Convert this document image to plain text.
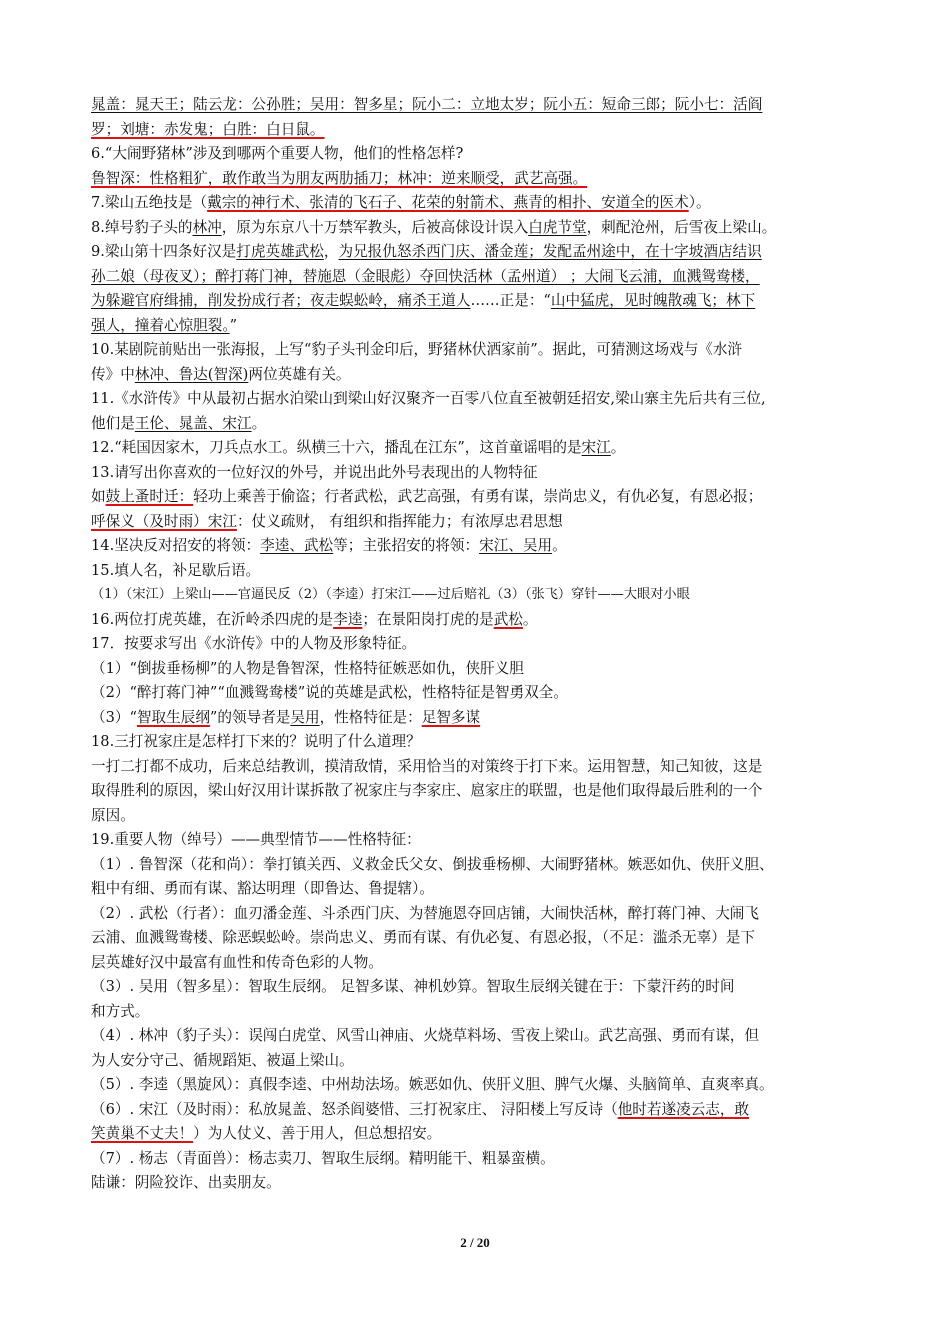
晁盖：晁天王；陆云龙：公孙胜；吴用：智多星；阮小二：立地太岁；阮小五：短命三郎；阮小七：活阎
罗；刘塘：赤发鬼；白胜：白日鼠。
6.“大闹野猪林”涉及到哪两个重要人物，他们的性格怎样?
鲁智深：性格粗犷，敢作敢当为朋友两肋插刀；林冲：逆来顺受，武艺高强。
7.梁山五绝技是（戴宗的神行术、张清的飞石子、花荣的射箭术、燕青的相扑、安道全的医术）。
8.绰号豹子头的林冲，原为东京八十万禁军教头，后被高俅设计误入白虎节堂，刺配沧州，后雪夜上梁山。
9.梁山第十四条好汉是打虎英雄武松，为兄报仇怒杀西门庆、潘金莲；发配孟州途中，在十字坡酒店结识
孙二娘（母夜叉）；醉打蒋门神，替施恩（金眼彪）夺回快活林（孟州道） ；大闹飞云浦，血溅鸳鸯楼，
为躲避官府缉捕，削发扮成行者；夜走蜈蚣岭，痛杀王道人……正是：“山中猛虎，见时魄散魂飞；林下
强人，撞着心惊胆裂。”
10.某剧院前贴出一张海报，上写“豹子头刊金印后，野猪林伏洒家前”。据此，可猜测这场戏与《水浒
传》中林冲、鲁达(智深)两位英雄有关。
11.《水浒传》中从最初占据水泊梁山到梁山好汉聚齐一百零八位直至被朝廷招安,梁山寨主先后共有三位,
他们是王伦、晁盖、宋江。
12.“耗国因家木，刀兵点水工。纵横三十六，播乱在江东”，这首童谣唱的是宋江。
13.请写出你喜欢的一位好汉的外号，并说出此外号表现出的人物特征
如鼓上蚤时迁：轻功上乘善于偷盗；行者武松，武艺高强，有勇有谋，崇尚忠义，有仇必复，有恩必报；
呼保义（及时雨）宋江：仗义疏财， 有组织和指挥能力；有浓厚忠君思想
14.坚决反对招安的将领：李逵、武松等；主张招安的将领：宋江、吴用。
15.填人名，补足歇后语。
（1）（宋江）上梁山——官逼民反（2）（李逵）打宋江——过后赔礼（3）（张飞）穿针——大眼对小眼
16.两位打虎英雄，在沂岭杀四虎的是李逵；在景阳岗打虎的是武松。
17．按要求写出《水浒传》中的人物及形象特征。
（1）“倒拔垂杨柳”的人物是鲁智深，性格特征嫉恶如仇，侠肝义胆
（2）“醉打蒋门神”“血溅鸳鸯楼”说的英雄是武松，性格特征是智勇双全。
（3）“智取生辰纲”的领导者是吴用，性格特征是：足智多谋
18.三打祝家庄是怎样打下来的？说明了什么道理？
一打二打都不成功，后来总结教训，摸清敌情，采用恰当的对策终于打下来。运用智慧，知己知彼，这是
取得胜利的原因，梁山好汉用计谋拆散了祝家庄与李家庄、扈家庄的联盟，也是他们取得最后胜利的一个
原因。
19.重要人物（绰号）——典型情节——性格特征：
（1）. 鲁智深（花和尚）：拳打镇关西、义救金氏父女、倒拔垂杨柳、大闹野猪林。嫉恶如仇、侠肝义胆、
粗中有细、勇而有谋、豁达明理（即鲁达、鲁提辖）。
（2）. 武松（行者）：血刃潘金莲、斗杀西门庆、为替施恩夺回店铺，大闹快活林，醉打蒋门神、大闹飞
云浦、血溅鸳鸯楼、除恶蜈蚣岭。崇尚忠义、勇而有谋、有仇必复、有恩必报，（不足：滥杀无辜）是下
层英雄好汉中最富有血性和传奇色彩的人物。
（3）. 吴用（智多星）：智取生辰纲。 足智多谋、神机妙算。智取生辰纲关键在于：下蒙汗药的时间
和方式。
（4）. 林冲（豹子头）：误闯白虎堂、风雪山神庙、火烧草料场、雪夜上梁山。武艺高强、勇而有谋，但
为人安分守己、循规蹈矩、被逼上梁山。
（5）. 李逵（黑旋风）：真假李逵、中州劫法场。嫉恶如仇、侠肝义胆、脾气火爆、头脑简单、直爽率真。
（6）. 宋江（及时雨）：私放晁盖、怒杀阎婆惜、三打祝家庄、 浔阳楼上写反诗（他时若遂凌云志，敢
笑黄巢不丈夫！）为人仗义、善于用人，但总想招安。
（7）. 杨志（青面兽）：杨志卖刀、智取生辰纲。精明能干、粗暴蛮横。
陆谦：阴险狡诈、出卖朋友。
2 / 20
